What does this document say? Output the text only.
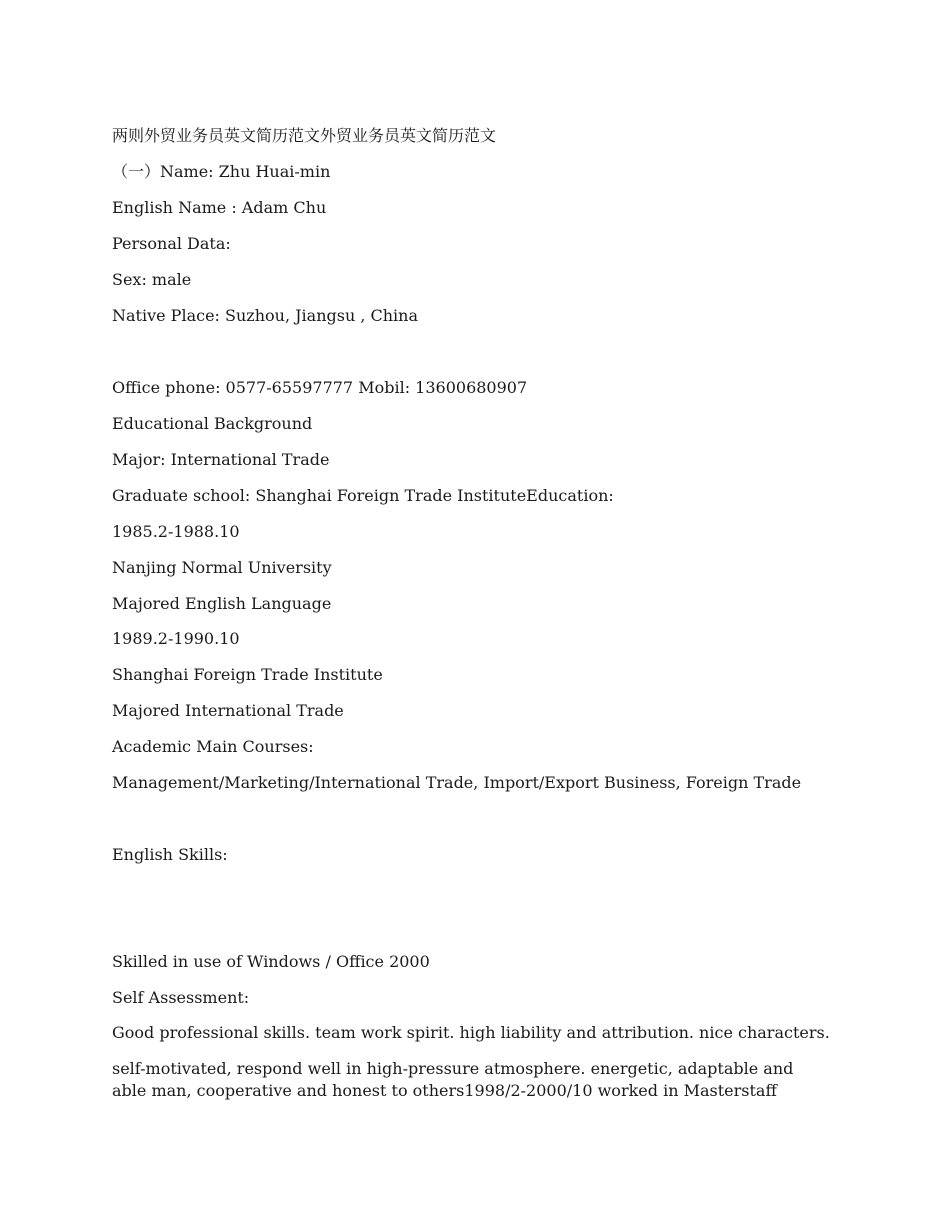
两则外贸业务员英文简历范文外贸业务员英文简历范文
（一）Name: Zhu Huai-min
English Name : Adam Chu
Personal Data:
Sex: male
Native Place: Suzhou, Jiangsu , China
Office phone: 0577-65597777 Mobil: 13600680907
Educational Background
Major: International Trade
Graduate school: Shanghai Foreign Trade InstituteEducation:
1985.2-1988.10
Nanjing Normal University
Majored English Language
1989.2-1990.10
Shanghai Foreign Trade Institute
Majored International Trade
Academic Main Courses:
Management/Marketing/International Trade, Import/Export Business, Foreign Trade
English Skills:
Skilled in use of Windows / Office 2000
Self Assessment:
Good professional skills. team work spirit. high liability and attribution. nice characters.
self-motivated, respond well in high-pressure atmosphere. energetic, adaptable and able man, cooperative and honest to others1998/2-2000/10 worked in Masterstaff
